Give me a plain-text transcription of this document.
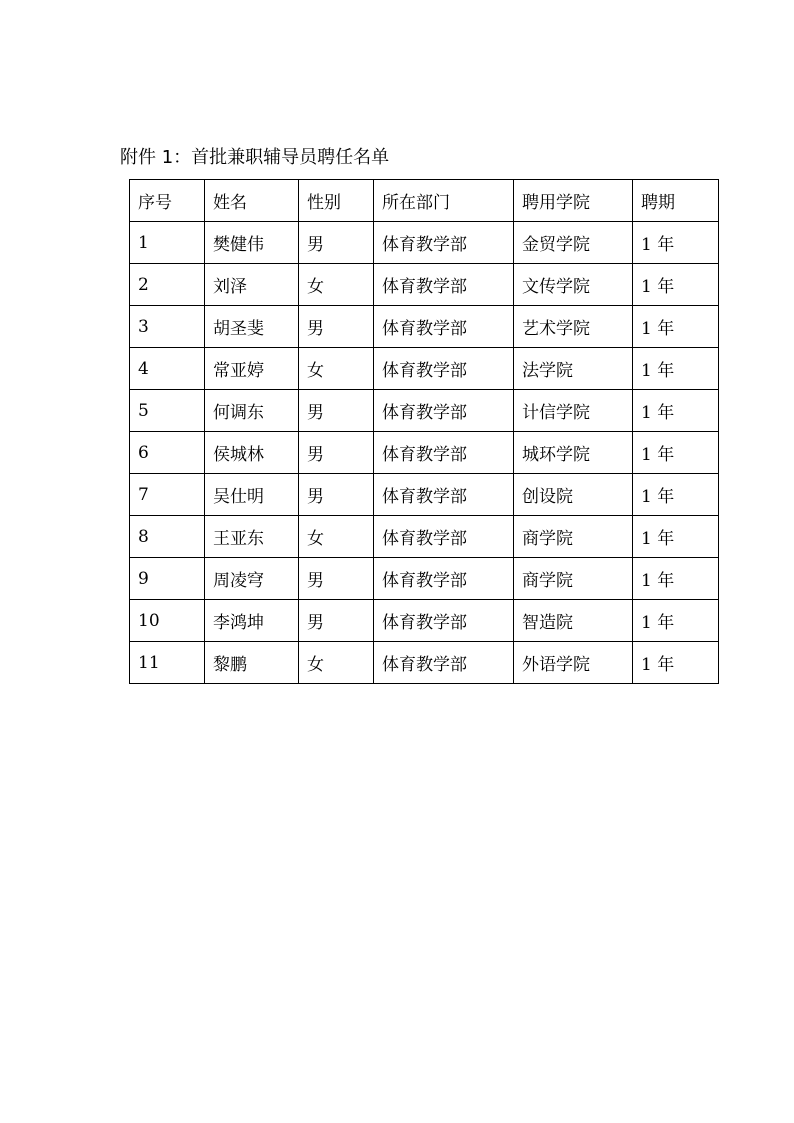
附件 1：首批兼职辅导员聘任名单
序号	姓名	性别	所在部门	聘用学院	聘期
1	樊健伟	男	体育教学部	金贸学院	1 年
2	刘泽	女	体育教学部	文传学院	1 年
3	胡圣斐	男	体育教学部	艺术学院	1 年
4	常亚婷	女	体育教学部	法学院	1 年
5	何调东	男	体育教学部	计信学院	1 年
6	侯城林	男	体育教学部	城环学院	1 年
7	吴仕明	男	体育教学部	创设院	1 年
8	王亚东	女	体育教学部	商学院	1 年
9	周凌穹	男	体育教学部	商学院	1 年
10	李鸿坤	男	体育教学部	智造院	1 年
11	黎鹏	女	体育教学部	外语学院	1 年
